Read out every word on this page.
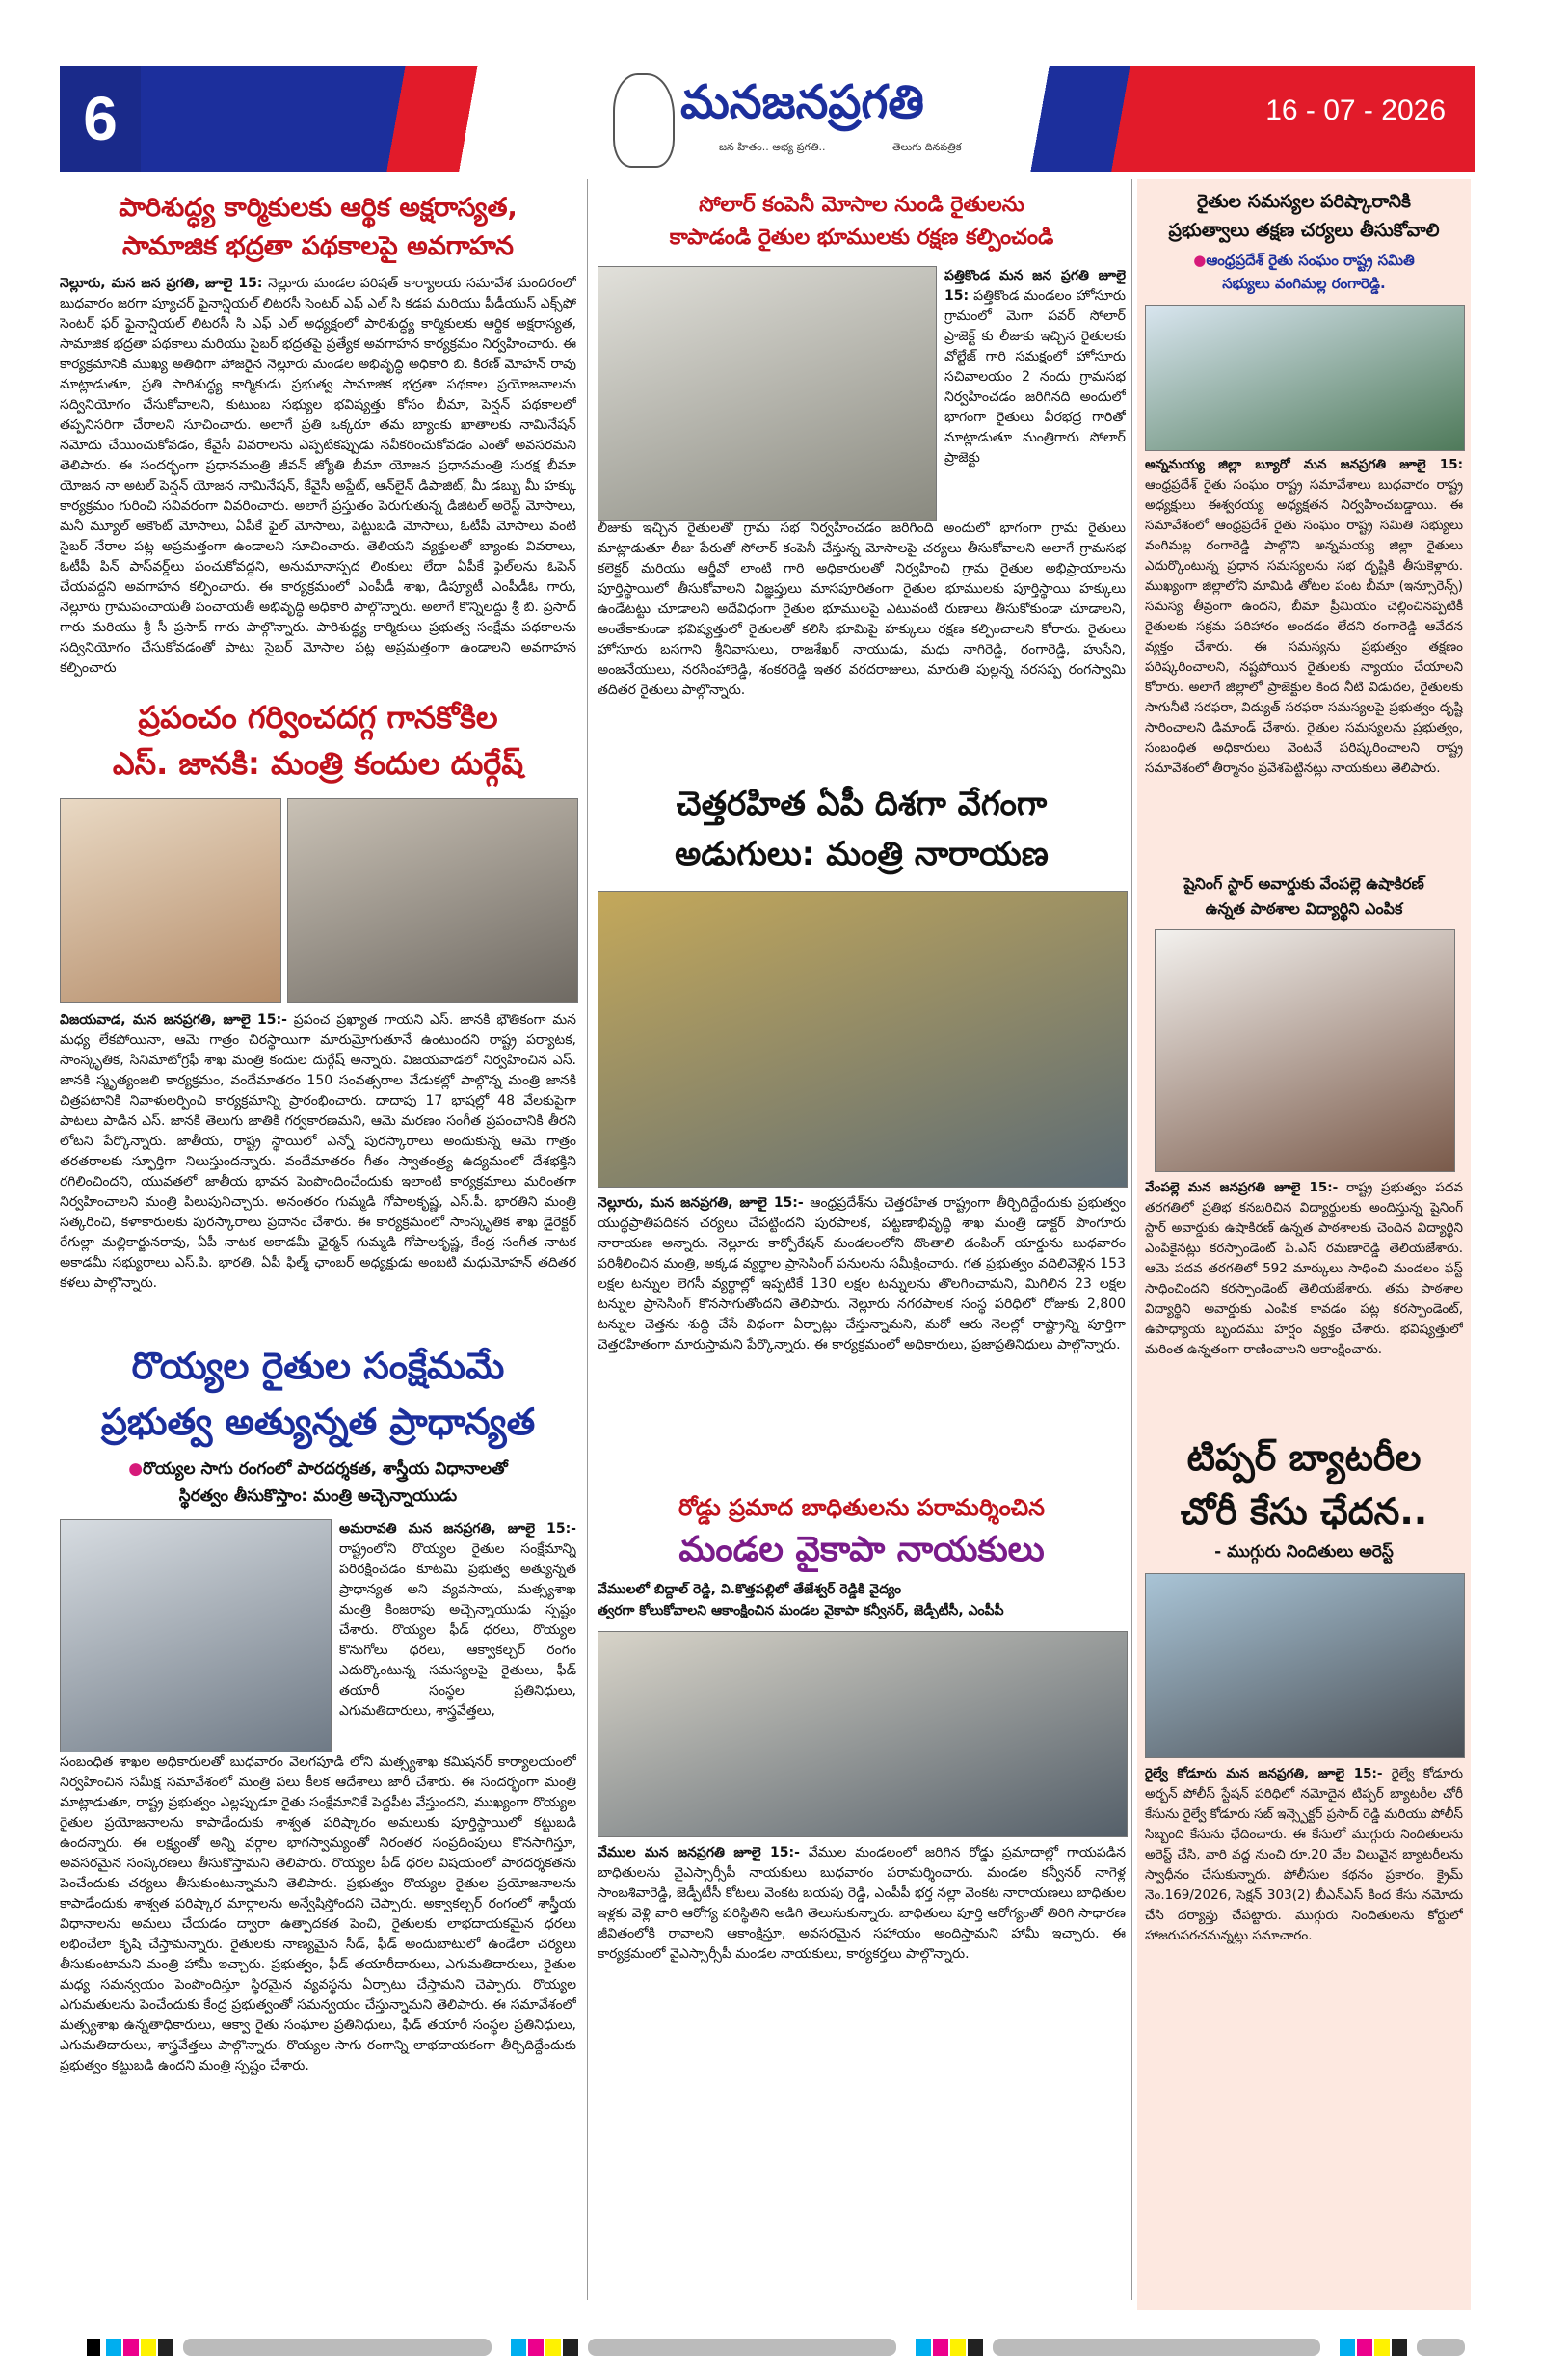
6	మనజనప్రగతి
జన హితం.. అభ్య ప్రగతి..	తెలుగు దినపత్రిక
16 - 07 - 2026
పారిశుద్ధ్య కార్మికులకు ఆర్థిక అక్షరాస్యత,
సామాజిక భద్రతా పథకాలపై అవగాహన
నెల్లూరు, మన జన ప్రగతి, జూలై 15: నెల్లూరు మండల పరిషత్ కార్యాలయ సమావేశ మందిరంలో బుధవారం జరగా ప్యూచర్ ఫైనాన్షియల్ లిటరసీ సెంటర్ ఎఫ్ ఎల్ సి కడప మరియు పీడీయుస్ ఎక్స్‌ఫో సెంటర్ ఫర్ ఫైనాన్షియల్ లిటరసీ సి ఎఫ్ ఎల్ అధ్యక్షంలో పారిశుద్ధ్య కార్మికులకు ఆర్థిక అక్షరాస్యత, సామాజిక భద్రతా పథకాలు మరియు సైబర్ భద్రతపై ప్రత్యేక అవగాహన కార్యక్రమం నిర్వహించారు. ఈ కార్యక్రమానికి ముఖ్య అతిథిగా హాజరైన నెల్లూరు మండల అభివృద్ధి అధికారి బి. కిరణ్ మోహన్ రావు మాట్లాడుతూ, ప్రతి పారిశుద్ధ్య కార్మికుడు ప్రభుత్వ సామాజిక భద్రతా పథకాల ప్రయోజనాలను సద్వినియోగం చేసుకోవాలని, కుటుంబ సభ్యుల భవిష్యత్తు కోసం బీమా, పెన్షన్ పథకాలలో తప్పనిసరిగా చేరాలని సూచించారు. అలాగే ప్రతి ఒక్కరూ తమ బ్యాంకు ఖాతాలకు నామినేషన్ నమోదు చేయించుకోవడం, కేవైసీ వివరాలను ఎప్పటికప్పుడు నవీకరించుకోవడం ఎంతో అవసరమని తెలిపారు. ఈ సందర్భంగా ప్రధానమంత్రి జీవన్ జ్యోతి బీమా యోజన ప్రధానమంత్రి సురక్ష బీమా యోజన నా అటల్ పెన్షన్ యోజన నామినేషన్, కేవైసీ అప్డేట్, ఆన్‌లైన్ డిపాజిట్, మీ డబ్బు మీ హక్కు కార్యక్రమం గురించి సవివరంగా వివరించారు. అలాగే ప్రస్తుతం పెరుగుతున్న డిజిటల్ అరెస్ట్ మోసాలు, మనీ మ్యూల్ అకౌంట్ మోసాలు, ఏపీకే ఫైల్ మోసాలు, పెట్టుబడి మోసాలు, ఓటీపీ మోసాలు వంటి సైబర్ నేరాల పట్ల అప్రమత్తంగా ఉండాలని సూచించారు. తెలియని వ్యక్తులతో బ్యాంకు వివరాలు, ఓటీపీ పిన్ పాస్‌వర్డ్‌లు పంచుకోవద్దని, అనుమానాస్పద లింకులు లేదా ఏపీకే ఫైల్‌లను ఓపెన్ చేయవద్దని అవగాహన కల్పించారు. ఈ కార్యక్రమంలో ఎంపీడీ శాఖ, డిప్యూటీ ఎంపీడీఓ గారు, నెల్లూరు గ్రామపంచాయతీ పంచాయతీ అభివృద్ధి అధికారి పాల్గొన్నారు. అలాగే కొన్నిలద్దు శ్రీ బి. ప్రసాద్ గారు మరియు శ్రీ సీ ప్రసాద్ గారు పాల్గొన్నారు. పారిశుద్ధ్య కార్మికులు ప్రభుత్వ సంక్షేమ పథకాలను సద్వినియోగం చేసుకోవడంతో పాటు సైబర్ మోసాల పట్ల అప్రమత్తంగా ఉండాలని అవగాహన కల్పించారు
ప్రపంచం గర్వించదగ్గ గానకోకిల
ఎస్. జానకి: మంత్రి కందుల దుర్గేష్
విజయవాడ, మన జనప్రగతి, జూలై 15:- ప్రపంచ ప్రఖ్యాత గాయని ఎస్. జానకి భౌతికంగా మన మధ్య లేకపోయినా, ఆమె గాత్రం చిరస్థాయిగా మారుమ్రోగుతూనే ఉంటుందని రాష్ట్ర పర్యాటక, సాంస్కృతిక, సినిమాటోగ్రఫీ శాఖ మంత్రి కందుల దుర్గేష్ అన్నారు. విజయవాడలో నిర్వహించిన ఎస్. జానకి స్మృత్యంజలి కార్యక్రమం, వందేమాతరం 150 సంవత్సరాల వేడుకల్లో పాల్గొన్న మంత్రి జానకి చిత్రపటానికి నివాళులర్పించి కార్యక్రమాన్ని ప్రారంభించారు. దాదాపు 17 భాషల్లో 48 వేలకుపైగా పాటలు పాడిన ఎస్. జానకి తెలుగు జాతికి గర్వకారణమని, ఆమె మరణం సంగీత ప్రపంచానికి తీరని లోటని పేర్కొన్నారు. జాతీయ, రాష్ట్ర స్థాయిలో ఎన్నో పురస్కారాలు అందుకున్న ఆమె గాత్రం తరతరాలకు స్ఫూర్తిగా నిలుస్తుందన్నారు. వందేమాతరం గీతం స్వాతంత్ర్య ఉద్యమంలో దేశభక్తిని రగిలించిందని, యువతలో జాతీయ భావన పెంపొందించేందుకు ఇలాంటి కార్యక్రమాలు మరింతగా నిర్వహించాలని మంత్రి పిలుపునిచ్చారు. అనంతరం గుమ్మడి గోపాలకృష్ణ, ఎస్.పీ. భారతిని మంత్రి సత్కరించి, కళాకారులకు పురస్కారాలు ప్రదానం చేశారు. ఈ కార్యక్రమంలో సాంస్కృతిక శాఖ డైరెక్టర్ రేగుల్లా మల్లికార్జునరావు, ఏపీ నాటక అకాడమీ ఛైర్మన్ గుమ్మడి గోపాలకృష్ణ, కేంద్ర సంగీత నాటక అకాడమీ సభ్యురాలు ఎస్.పి. భారతి, ఏపీ ఫిల్మ్ ఛాంబర్ అధ్యక్షుడు అంబటి మధుమోహన్ తదితర కళలు పాల్గొన్నారు.
రొయ్యల రైతుల సంక్షేమమే
ప్రభుత్వ అత్యున్నత ప్రాధాన్యత
●రొయ్యల సాగు రంగంలో పారదర్శకత, శాస్త్రీయ విధానాలతో
స్థిరత్వం తీసుకొస్తాం: మంత్రి అచ్చెన్నాయుడు
అమరావతి మన జనప్రగతి, జూలై 15:- రాష్ట్రంలోని రొయ్యల రైతుల సంక్షేమాన్ని పరిరక్షించడం కూటమి ప్రభుత్వ అత్యున్నత ప్రాధాన్యత అని వ్యవసాయ, మత్స్యశాఖ మంత్రి కింజరాపు అచ్చెన్నాయుడు స్పష్టం చేశారు. రొయ్యల ఫీడ్ ధరలు, రొయ్యల కొనుగోలు ధరలు, ఆక్వాకల్చర్ రంగం ఎదుర్కొంటున్న సమస్యలపై రైతులు, ఫీడ్ తయారీ సంస్థల ప్రతినిధులు, ఎగుమతిదారులు, శాస్త్రవేత్తలు,
సంబంధిత శాఖల అధికారులతో బుధవారం వెలగపూడి లోని మత్స్యశాఖ కమిషనర్ కార్యాలయంలో నిర్వహించిన సమీక్ష సమావేశంలో మంత్రి పలు కీలక ఆదేశాలు జారీ చేశారు. ఈ సందర్భంగా మంత్రి మాట్లాడుతూ, రాష్ట్ర ప్రభుత్వం ఎల్లప్పుడూ రైతు సంక్షేమానికే పెద్దపీట వేస్తుందని, ముఖ్యంగా రొయ్యల రైతుల ప్రయోజనాలను కాపాడేందుకు శాశ్వత పరిష్కారం అమలుకు పూర్తిస్థాయిలో కట్టుబడి ఉందన్నారు. ఈ లక్ష్యంతో అన్ని వర్గాల భాగస్వామ్యంతో నిరంతర సంప్రదింపులు కొనసాగిస్తూ, అవసరమైన సంస్కరణలు తీసుకొస్తామని తెలిపారు. రొయ్యల ఫీడ్ ధరల విషయంలో పారదర్శకతను పెంచేందుకు చర్యలు తీసుకుంటున్నామని తెలిపారు. ప్రభుత్వం రొయ్యల రైతుల ప్రయోజనాలను కాపాడేందుకు శాశ్వత పరిష్కార మార్గాలను అన్వేషిస్తోందని చెప్పారు. అక్వాకల్చర్ రంగంలో శాస్త్రీయ విధానాలను అమలు చేయడం ద్వారా ఉత్పాదకత పెంచి, రైతులకు లాభదాయకమైన ధరలు లభించేలా కృషి చేస్తామన్నారు. రైతులకు నాణ్యమైన సీడ్, ఫీడ్ అందుబాటులో ఉండేలా చర్యలు తీసుకుంటామని మంత్రి హామీ ఇచ్చారు. ప్రభుత్వం, ఫీడ్ తయారీదారులు, ఎగుమతిదారులు, రైతుల మధ్య సమన్వయం పెంపొందిస్తూ స్థిరమైన వ్యవస్థను ఏర్పాటు చేస్తామని చెప్పారు. రొయ్యల ఎగుమతులను పెంచేందుకు కేంద్ర ప్రభుత్వంతో సమన్వయం చేస్తున్నామని తెలిపారు. ఈ సమావేశంలో మత్స్యశాఖ ఉన్నతాధికారులు, ఆక్వా రైతు సంఘాల ప్రతినిధులు, ఫీడ్ తయారీ సంస్థల ప్రతినిధులు, ఎగుమతిదారులు, శాస్త్రవేత్తలు పాల్గొన్నారు. రొయ్యల సాగు రంగాన్ని లాభదాయకంగా తీర్చిదిద్దేందుకు ప్రభుత్వం కట్టుబడి ఉందని మంత్రి స్పష్టం చేశారు.
సోలార్ కంపెనీ మోసాల నుండి రైతులను
కాపాడండి రైతుల భూములకు రక్షణ కల్పించండి
పత్తికొండ మన జన ప్రగతి జూలై 15: పత్తికొండ మండలం హోసూరు గ్రామంలో మెగా పవర్ సోలార్ ప్రాజెక్ట్ కు లీజుకు ఇచ్చిన రైతులకు వోల్టేజ్ గారి సమక్షంలో హోసూరు సచివాలయం 2 నందు గ్రామసభ నిర్వహించడం జరిగినది అందులో భాగంగా రైతులు వీరభద్ర గారితో మాట్లాడుతూ మంత్రిగారు సోలార్ ప్రాజెక్టు
లీజుకు ఇచ్చిన రైతులతో గ్రామ సభ నిర్వహించడం జరిగింది అందులో భాగంగా గ్రామ రైతులు మాట్లాడుతూ లీజు పేరుతో సోలార్ కంపెనీ చేస్తున్న మోసాలపై చర్యలు తీసుకోవాలని అలాగే గ్రామసభ కలెక్టర్ మరియు ఆర్డీవో లాంటి గారి అధికారులతో నిర్వహించి గ్రామ రైతుల అభిప్రాయాలను పూర్తిస్థాయిలో తీసుకోవాలని విజ్ఞప్తులు మాసపూరితంగా రైతుల భూములకు పూర్తిస్థాయి హక్కులు ఉండేటట్టు చూడాలని అదేవిధంగా రైతుల భూములపై ఎటువంటి రుణాలు తీసుకోకుండా చూడాలని, అంతేకాకుండా భవిష్యత్తులో రైతులతో కలిసి భూమిపై హక్కులు రక్షణ కల్పించాలని కోరారు. రైతులు హోసూరు బసగాని శ్రీనివాసులు, రాజశేఖర్ నాయుడు, మధు నాగిరెడ్డి, రంగారెడ్డి, హుసేని, అంజనేయులు, నరసింహారెడ్డి, శంకరరెడ్డి ఇతర వరదరాజులు, మారుతి పుల్లన్న నరసప్ప రంగస్వామి తదితర రైతులు పాల్గొన్నారు.
చెత్తరహిత ఏపీ దిశగా వేగంగా
అడుగులు: మంత్రి నారాయణ
నెల్లూరు, మన జనప్రగతి, జూలై 15:- ఆంధ్రప్రదేశ్‌ను చెత్తరహిత రాష్ట్రంగా తీర్చిదిద్దేందుకు ప్రభుత్వం యుద్ధప్రాతిపదికన చర్యలు చేపట్టిందని పురపాలక, పట్టణాభివృద్ధి శాఖ మంత్రి డాక్టర్ పొంగూరు నారాయణ అన్నారు. నెల్లూరు కార్పోరేషన్ మండలంలోని దొంతాలి డంపింగ్ యార్డును బుధవారం పరిశీలించిన మంత్రి, అక్కడ వ్యర్థాల ప్రాసెసింగ్ పనులను సమీక్షించారు. గత ప్రభుత్వం వదిలివెళ్లిన 153 లక్షల టన్నుల లెగసీ వ్యర్థాల్లో ఇప్పటికే 130 లక్షల టన్నులను తొలగించామని, మిగిలిన 23 లక్షల టన్నుల ప్రాసెసింగ్ కొనసాగుతోందని తెలిపారు. నెల్లూరు నగరపాలక సంస్థ పరిధిలో రోజుకు 2,800 టన్నుల చెత్తను శుద్ధి చేసే విధంగా ఏర్పాట్లు చేస్తున్నామని, మరో ఆరు నెలల్లో రాష్ట్రాన్ని పూర్తిగా చెత్తరహితంగా మారుస్తామని పేర్కొన్నారు. ఈ కార్యక్రమంలో అధికారులు, ప్రజాప్రతినిధులు పాల్గొన్నారు.
రోడ్డు ప్రమాద బాధితులను పరామర్శించిన
మండల వైకాపా నాయకులు
వేములలో బిద్దాల్ రెడ్డి, వి.కొత్తపల్లిలో తేజేశ్వర్ రెడ్డికి వైద్యం
త్వరగా కోలుకోవాలని ఆకాంక్షించిన మండల వైకాపా కన్వీనర్, జెడ్పీటీసీ, ఎంపీపీ
వేముల మన జనప్రగతి జూలై 15:- వేముల మండలంలో జరిగిన రోడ్డు ప్రమాదాల్లో గాయపడిన బాధితులను వైఎస్సార్సీపీ నాయకులు బుధవారం పరామర్శించారు. మండల కన్వీనర్ నాగెళ్ల సాంబశివారెడ్డి, జెడ్పీటీసీ కోటలు వెంకట బయపు రెడ్డి, ఎంపీపీ భర్త నల్లా వెంకట నారాయణలు బాధితుల ఇళ్లకు వెళ్లి వారి ఆరోగ్య పరిస్థితిని అడిగి తెలుసుకున్నారు. బాధితులు పూర్తి ఆరోగ్యంతో తిరిగి సాధారణ జీవితంలోకి రావాలని ఆకాంక్షిస్తూ, అవసరమైన సహాయం అందిస్తామని హామీ ఇచ్చారు. ఈ కార్యక్రమంలో వైఎస్సార్సీపీ మండల నాయకులు, కార్యకర్తలు పాల్గొన్నారు.
రైతుల సమస్యల పరిష్కారానికి
ప్రభుత్వాలు తక్షణ చర్యలు తీసుకోవాలి
●ఆంధ్రప్రదేశ్ రైతు సంఘం రాష్ట్ర సమితి
సభ్యులు వంగిమల్ల రంగారెడ్డి.
అన్నమయ్య జిల్లా బ్యూరో మన జనప్రగతి జూలై 15: ఆంధ్రప్రదేశ్ రైతు సంఘం రాష్ట్ర సమావేశాలు బుధవారం రాష్ట్ర అధ్యక్షులు ఈశ్వరయ్య అధ్యక్షతన నిర్వహించబడ్డాయి. ఈ సమావేశంలో ఆంధ్రప్రదేశ్ రైతు సంఘం రాష్ట్ర సమితి సభ్యులు వంగిమల్ల రంగారెడ్డి పాల్గొని అన్నమయ్య జిల్లా రైతులు ఎదుర్కొంటున్న ప్రధాన సమస్యలను సభ దృష్టికి తీసుకెళ్లారు. ముఖ్యంగా జిల్లాలోని మామిడి తోటల పంట బీమా (ఇన్సూరెన్స్) సమస్య తీవ్రంగా ఉందని, బీమా ప్రీమియం చెల్లించినప్పటికీ రైతులకు సక్రమ పరిహారం అందడం లేదని రంగారెడ్డి ఆవేదన వ్యక్తం చేశారు. ఈ సమస్యను ప్రభుత్వం తక్షణం పరిష్కరించాలని, నష్టపోయిన రైతులకు న్యాయం చేయాలని కోరారు. అలాగే జిల్లాలో ప్రాజెక్టుల కింద నీటి విడుదల, రైతులకు సాగునీటి సరఫరా, విద్యుత్ సరఫరా సమస్యలపై ప్రభుత్వం దృష్టి సారించాలని డిమాండ్ చేశారు. రైతుల సమస్యలను ప్రభుత్వం, సంబంధిత అధికారులు వెంటనే పరిష్కరించాలని రాష్ట్ర సమావేశంలో తీర్మానం ప్రవేశపెట్టినట్లు నాయకులు తెలిపారు.
షైనింగ్ స్టార్ అవార్డుకు వేంపల్లె ఉషాకిరణ్
ఉన్నత పాఠశాల విద్యార్థిని ఎంపిక
వేంపల్లె మన జనప్రగతి జూలై 15:- రాష్ట్ర ప్రభుత్వం పదవ తరగతిలో ప్రతిభ కనబరిచిన విద్యార్థులకు అందిస్తున్న షైనింగ్ స్టార్ అవార్డుకు ఉషాకిరణ్ ఉన్నత పాఠశాలకు చెందిన విద్యార్థిని ఎంపికైనట్లు కరస్పాండెంట్ పి.ఎస్ రమణారెడ్డి తెలియజేశారు. ఆమె పదవ తరగతిలో 592 మార్కులు సాధించి మండలం ఫస్ట్ సాధించిందని కరస్పాండెంట్ తెలియజేశారు. తమ పాఠశాల విద్యార్థిని అవార్డుకు ఎంపిక కావడం పట్ల కరస్పాండెంట్, ఉపాధ్యాయ బృందము హర్షం వ్యక్తం చేశారు. భవిష్యత్తులో మరింత ఉన్నతంగా రాణించాలని ఆకాంక్షించారు.
టిప్పర్ బ్యాటరీల
చోరీ కేసు ఛేదన..
- ముగ్గురు నిందితులు అరెస్ట్
రైల్వే కోడూరు మన జనప్రగతి, జూలై 15:- రైల్వే కోడూరు అర్బన్ పోలీస్ స్టేషన్ పరిధిలో నమోదైన టిప్పర్ బ్యాటరీల చోరీ కేసును రైల్వే కోడూరు సబ్ ఇన్స్పెక్టర్ ప్రసాద్ రెడ్డి మరియు పోలీస్ సిబ్బంది కేసును ఛేదించారు. ఈ కేసులో ముగ్గురు నిందితులను అరెస్ట్ చేసి, వారి వద్ద నుంచి రూ.20 వేల విలువైన బ్యాటరీలను స్వాధీనం చేసుకున్నారు. పోలీసుల కథనం ప్రకారం, క్రైమ్ నెం.169/2026, సెక్షన్ 303(2) బీఎన్ఎస్ కింద కేసు నమోదు చేసి దర్యాప్తు చేపట్టారు. ముగ్గురు నిందితులను కోర్టులో హాజరుపరచనున్నట్లు సమాచారం.
